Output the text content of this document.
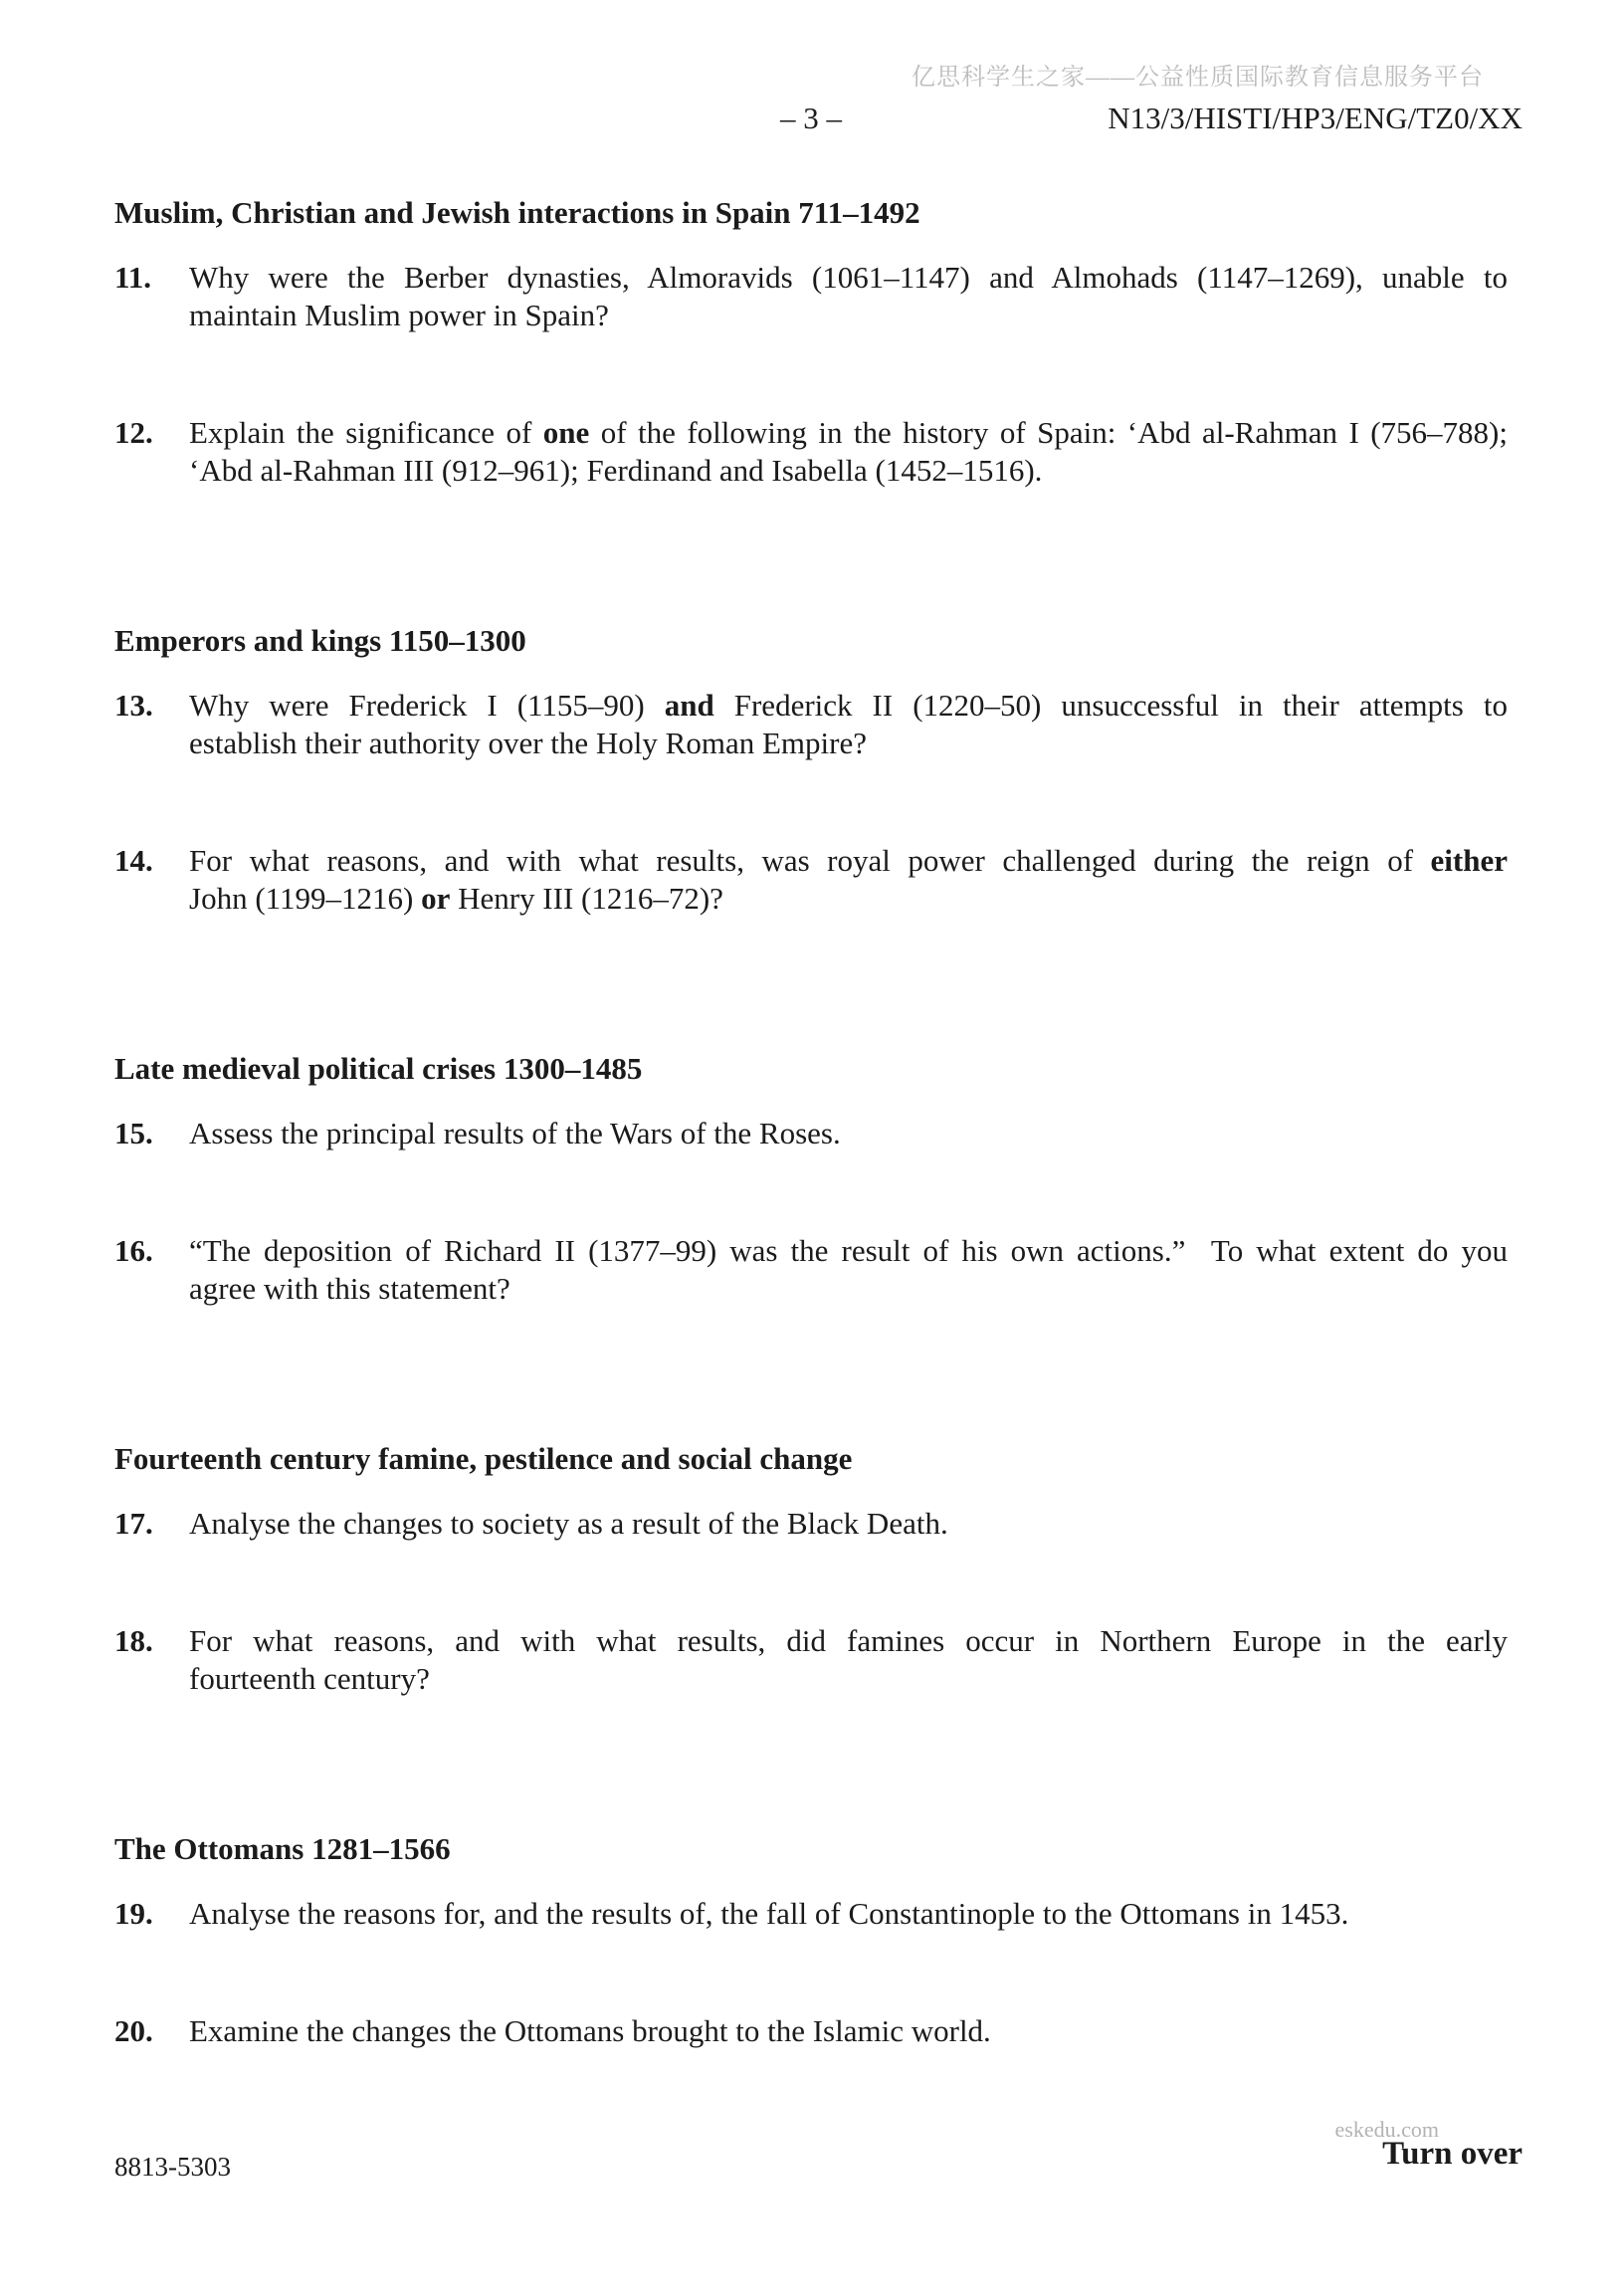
亿思科学生之家——公益性质国际教育信息服务平台
– 3 –	N13/3/HISTI/HP3/ENG/TZ0/XX
Muslim, Christian and Jewish interactions in Spain 711–1492
11.	Why were the Berber dynasties, Almoravids (1061–1147) and Almohads (1147–1269), unable to
maintain Muslim power in Spain?
12.	Explain the significance of one of the following in the history of Spain: ‘Abd al-Rahman I (756–788);
‘Abd al-Rahman III (912–961); Ferdinand and Isabella (1452–1516).
Emperors and kings 1150–1300
13.	Why were Frederick I (1155–90) and Frederick II (1220–50) unsuccessful in their attempts to
establish their authority over the Holy Roman Empire?
14.	For what reasons, and with what results, was royal power challenged during the reign of either
John (1199–1216) or Henry III (1216–72)?
Late medieval political crises 1300–1485
15.	Assess the principal results of the Wars of the Roses.
16.	“The deposition of Richard II (1377–99) was the result of his own actions.”  To what extent do you
agree with this statement?
Fourteenth century famine, pestilence and social change
17.	Analyse the changes to society as a result of the Black Death.
18.	For what reasons, and with what results, did famines occur in Northern Europe in the early
fourteenth century?
The Ottomans 1281–1566
19.	Analyse the reasons for, and the results of, the fall of Constantinople to the Ottomans in 1453.
20.	Examine the changes the Ottomans brought to the Islamic world.
8813-5303
eskedu.com
Turn over
